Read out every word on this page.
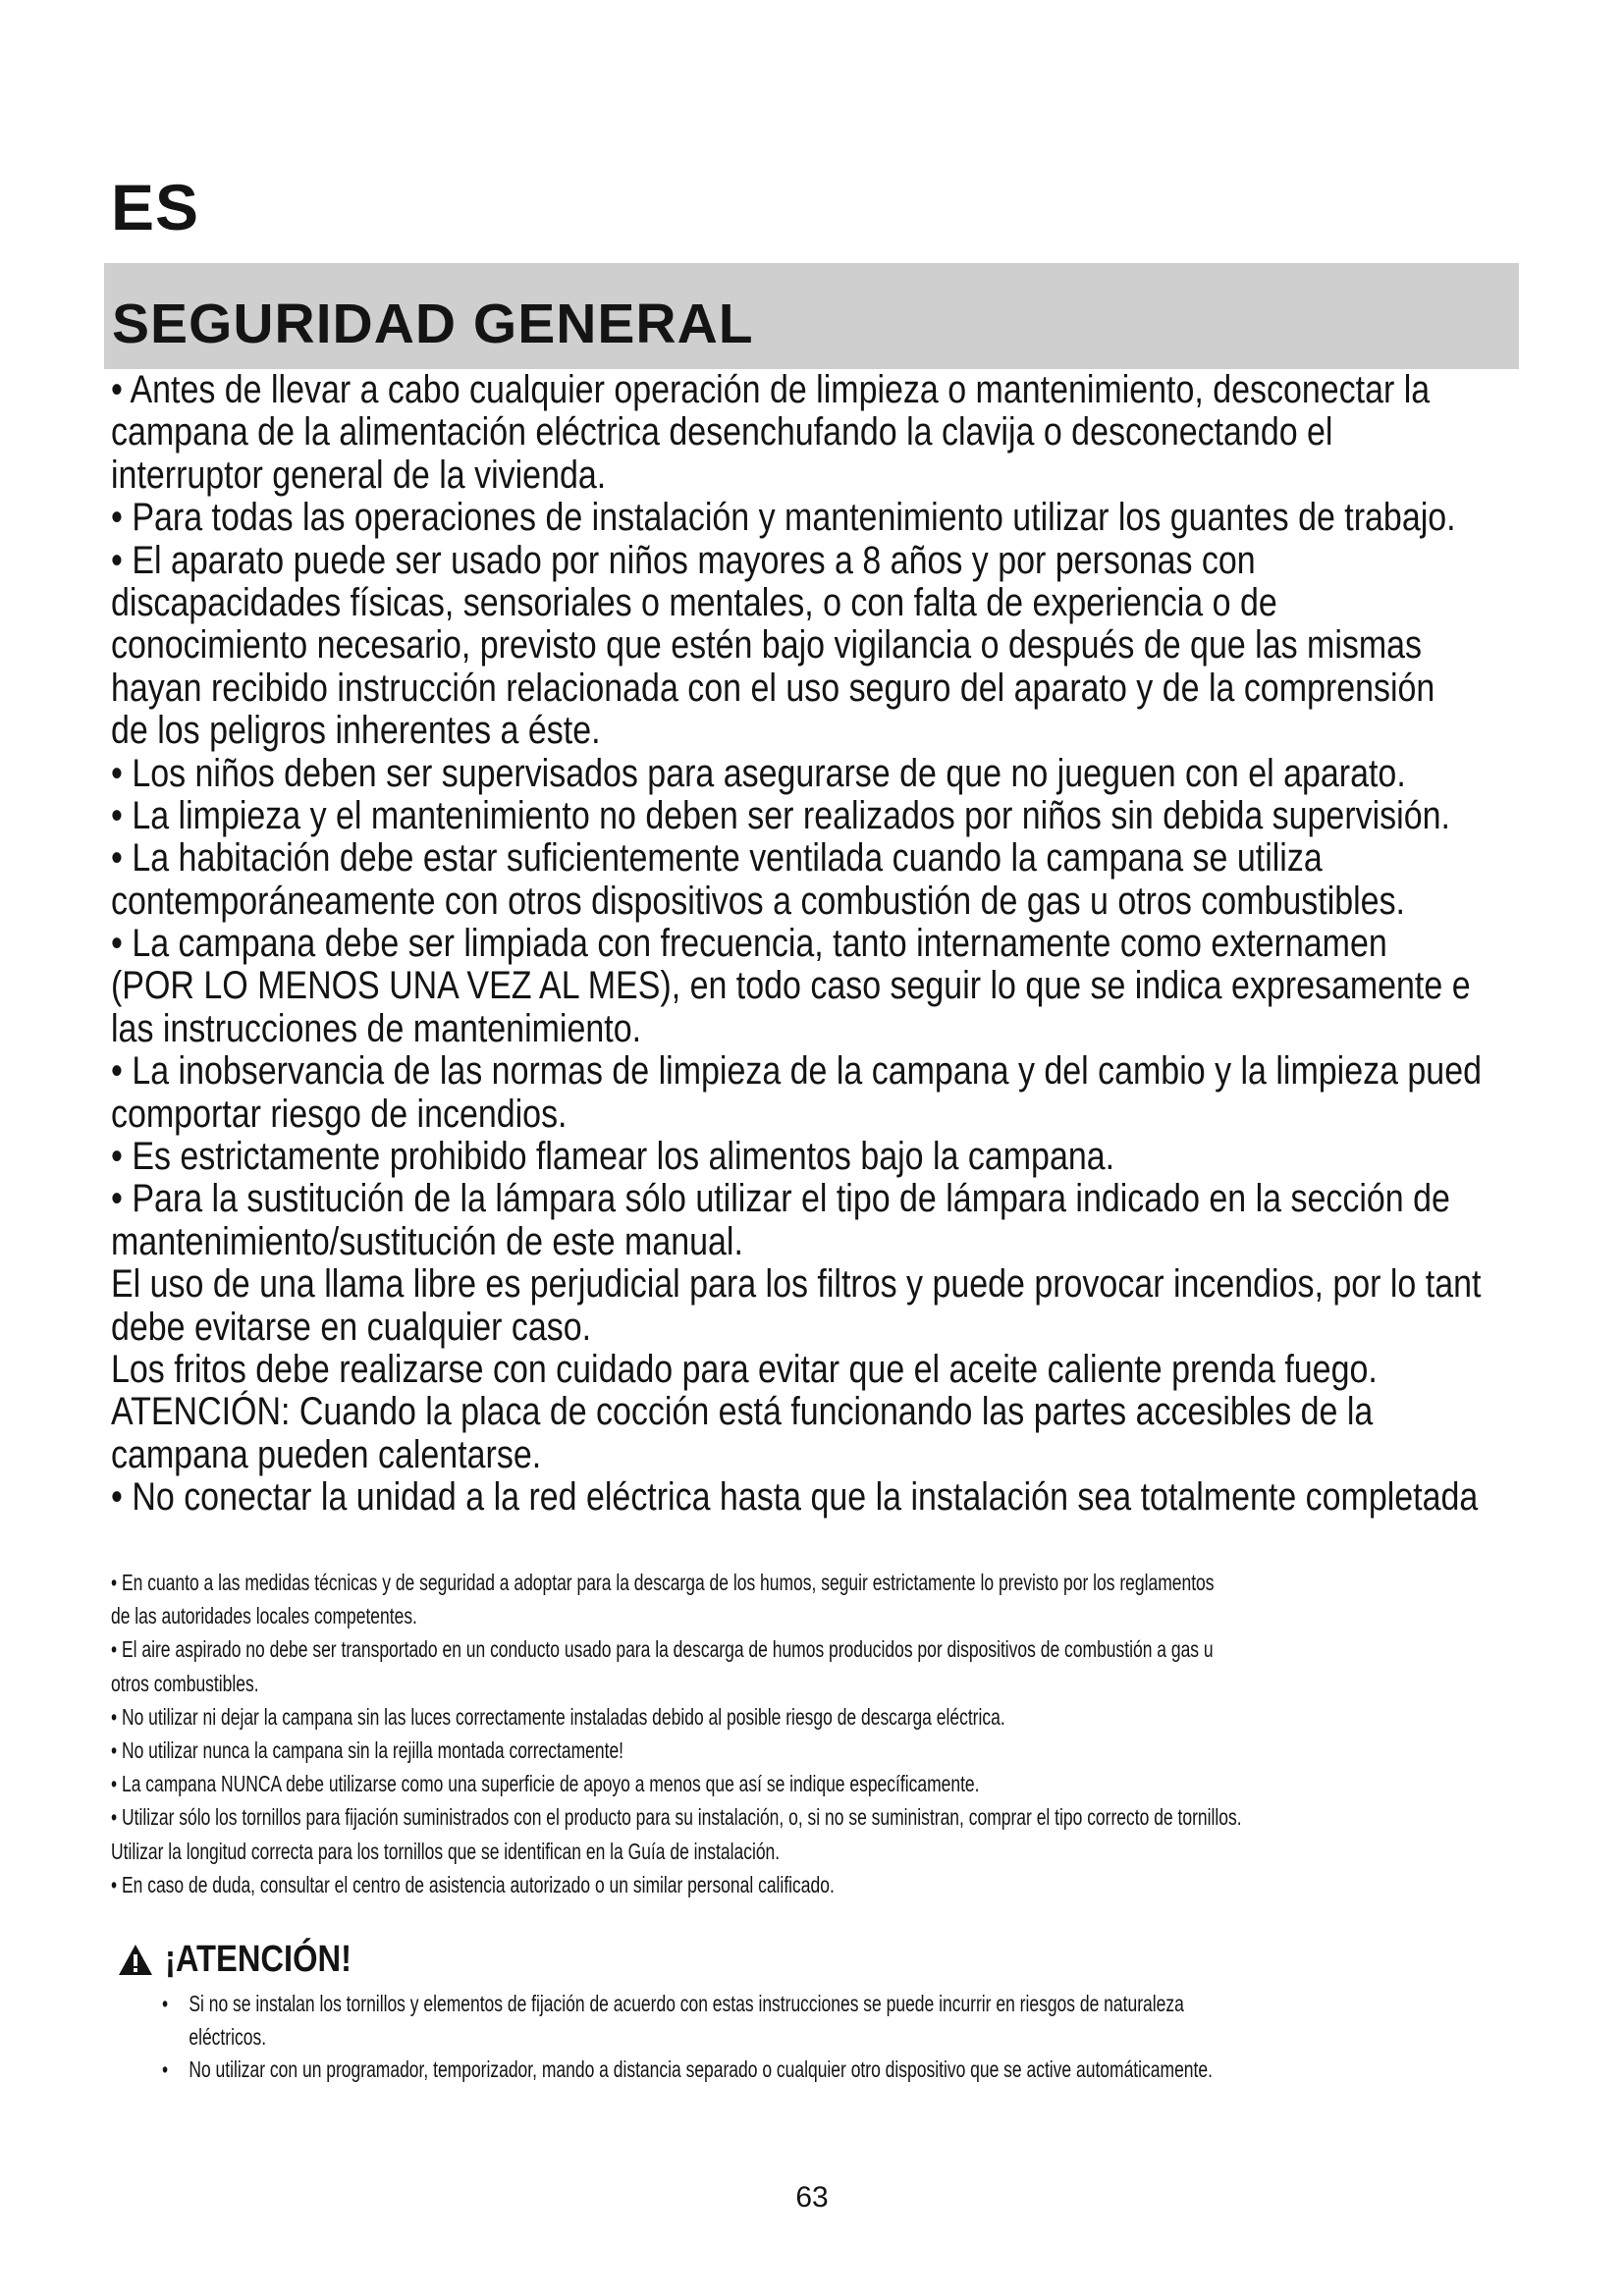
ES
SEGURIDAD GENERAL
• Antes de llevar a cabo cualquier operación de limpieza o mantenimiento, desconectar la
campana de la alimentación eléctrica desenchufando la clavija o desconectando el
interruptor general de la vivienda.
• Para todas las operaciones de instalación y mantenimiento utilizar los guantes de trabajo.
• El aparato puede ser usado por niños mayores a 8 años y por personas con
discapacidades físicas, sensoriales o mentales, o con falta de experiencia o de
conocimiento necesario, previsto que estén bajo vigilancia o después de que las mismas
hayan recibido instrucción relacionada con el uso seguro del aparato y de la comprensión
de los peligros inherentes a éste.
• Los niños deben ser supervisados para asegurarse de que no jueguen con el aparato.
• La limpieza y el mantenimiento no deben ser realizados por niños sin debida supervisión.
• La habitación debe estar suficientemente ventilada cuando la campana se utiliza
contemporáneamente con otros dispositivos a combustión de gas u otros combustibles.
• La campana debe ser limpiada con frecuencia, tanto internamente como externamen
(POR LO MENOS UNA VEZ AL MES), en todo caso seguir lo que se indica expresamente e
las instrucciones de mantenimiento.
• La inobservancia de las normas de limpieza de la campana y del cambio y la limpieza pued
comportar riesgo de incendios.
• Es estrictamente prohibido flamear los alimentos bajo la campana.
• Para la sustitución de la lámpara sólo utilizar el tipo de lámpara indicado en la sección de
mantenimiento/sustitución de este manual.
El uso de una llama libre es perjudicial para los filtros y puede provocar incendios, por lo tant
debe evitarse en cualquier caso.
Los fritos debe realizarse con cuidado para evitar que el aceite caliente prenda fuego.
ATENCIÓN: Cuando la placa de cocción está funcionando las partes accesibles de la
campana pueden calentarse.
• No conectar la unidad a la red eléctrica hasta que la instalación sea totalmente completada
• En cuanto a las medidas técnicas y de seguridad a adoptar para la descarga de los humos, seguir estrictamente lo previsto por los reglamentos
de las autoridades locales competentes.
• El aire aspirado no debe ser transportado en un conducto usado para la descarga de humos producidos por dispositivos de combustión a gas u
otros combustibles.
• No utilizar ni dejar la campana sin las luces correctamente instaladas debido al posible riesgo de descarga eléctrica.
• No utilizar nunca la campana sin la rejilla montada correctamente!
• La campana NUNCA debe utilizarse como una superficie de apoyo a menos que así se indique específicamente.
• Utilizar sólo los tornillos para fijación suministrados con el producto para su instalación, o, si no se suministran, comprar el tipo correcto de tornillos.
Utilizar la longitud correcta para los tornillos que se identifican en la Guía de instalación.
• En caso de duda, consultar el centro de asistencia autorizado o un similar personal calificado.
¡ATENCIÓN!
• Si no se instalan los tornillos y elementos de fijación de acuerdo con estas instrucciones se puede incurrir en riesgos de naturaleza
eléctricos.
• No utilizar con un programador, temporizador, mando a distancia separado o cualquier otro dispositivo que se active automáticamente.
63
